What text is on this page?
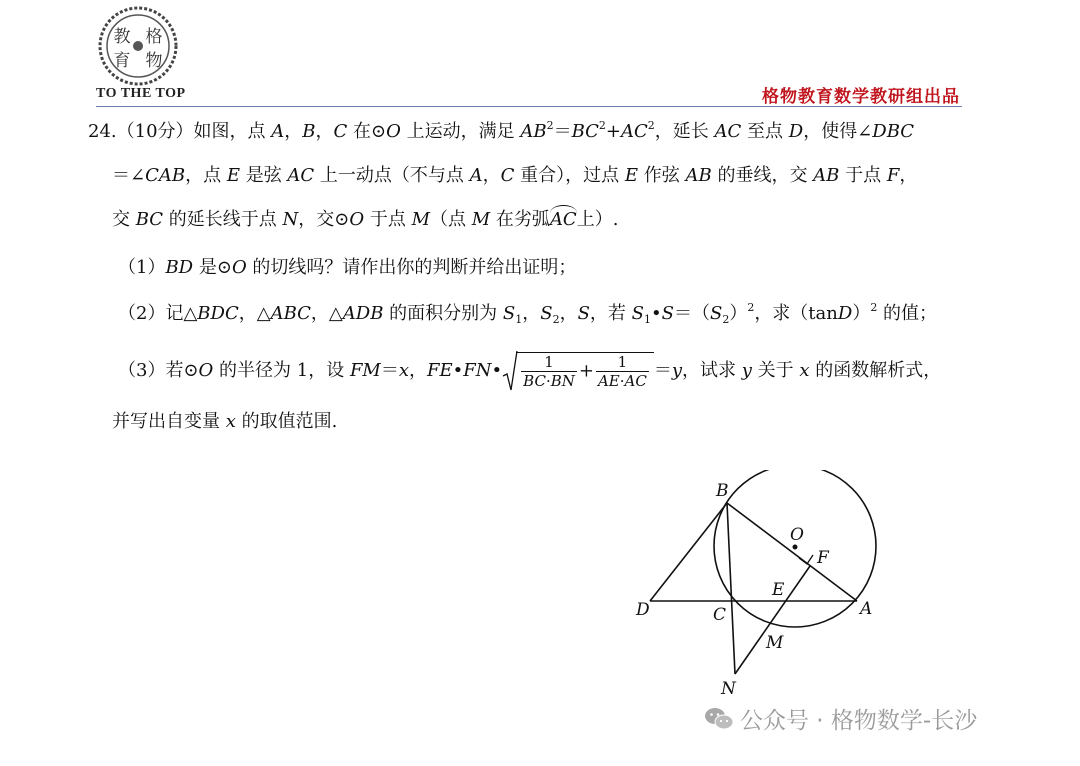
教 格
育 物
TO THE TOP	格物教育数学教研组出品
24.（10分）如图，点 A，B，C 在⊙O 上运动，满足 $AB^2=BC^2+AC^2$，延长 AC 至点 D，使得∠DBC
＝∠CAB，点 E 是弦 AC 上一动点（不与点 A，C 重合），过点 E 作弦 AB 的垂线，交 AB 于点 F，
交 BC 的延长线于点 N，交⊙O 于点 M（点 M 在劣弧AC上）.
（1）BD 是⊙O 的切线吗？请作出你的判断并给出证明；
（2）记△BDC，△ABC，△ADB 的面积分别为 $S_1$，$S_2$，S，若 $S_1•S=(S_2)^2$，求$(\tan D)^2$ 的值；
（3）若⊙O 的半径为 1，设 FM＝x，FE•FN• $\frac{1}{BC\cdot BN} + \frac{1}{AE\cdot AC} =y$，试求 y 关于 x 的函数解析式，
并写出自变量 x 的取值范围.
B
O
F
E
D	C	A
M
N
公众号 · 格物数学-长沙
